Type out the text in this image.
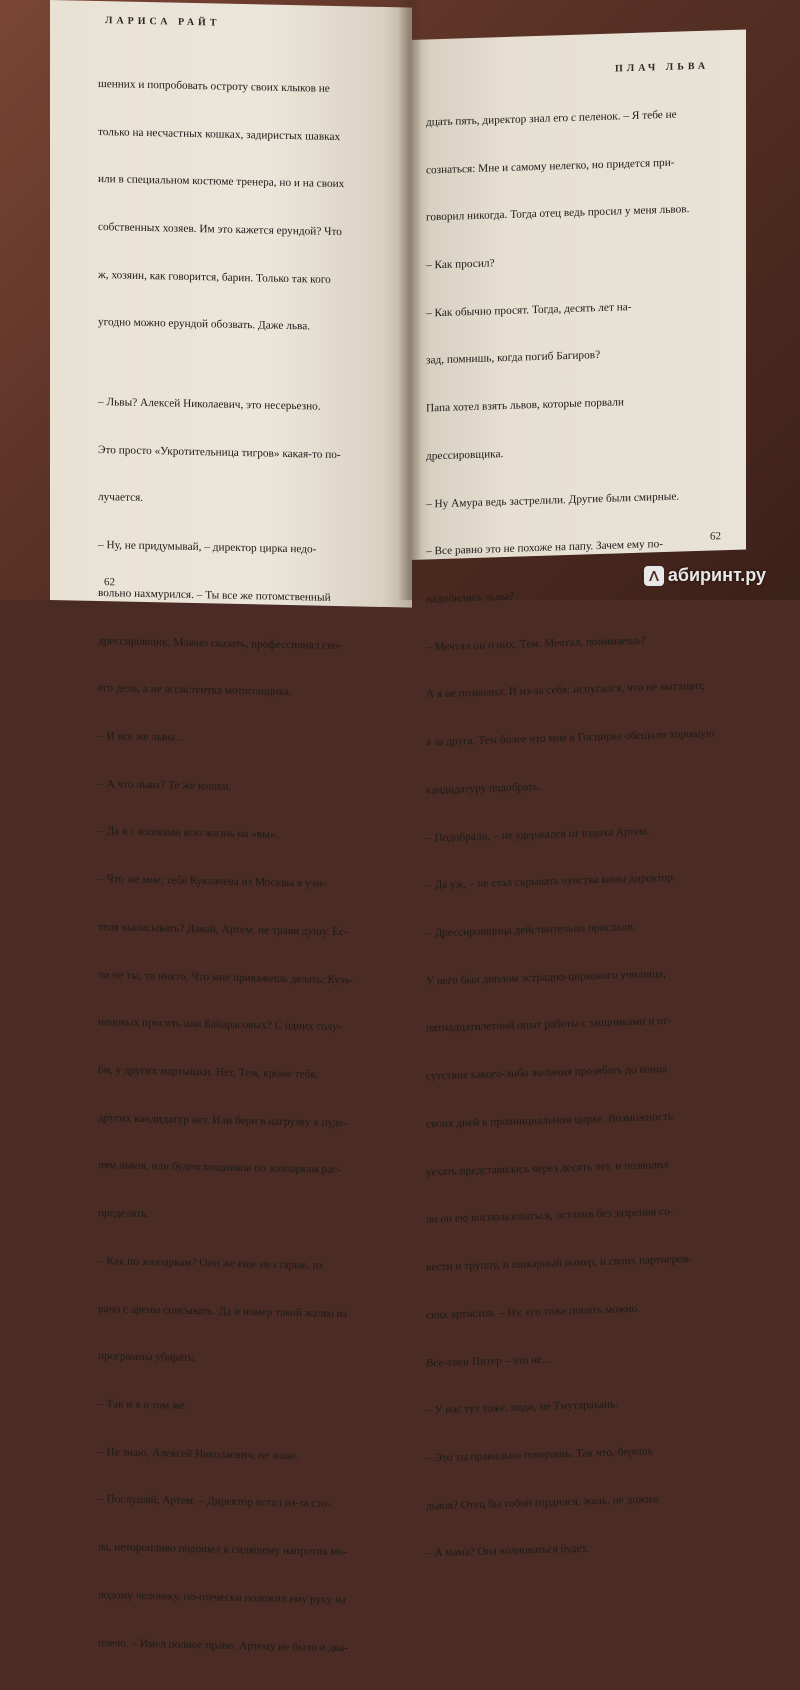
ЛАРИСА РАЙТ

шенних и попробовать остроту своих клыков не

только на несчастных кошках, задиристых шавках

или в специальном костюме тренера, но и на своих

собственных хозяев. Им это кажется ерундой? Что

ж, хозяин, как говорится, барин. Только так кого

угодно можно ерундой обозвать. Даже льва.

– Львы? Алексей Николаевич, это несерьезно.

Это просто «Укротительница тигров» какая-то по-

лучается.

– Ну, не придумывай, – директор цирка недо-

вольно нахмурился. – Ты все же потомственный

дрессировщик. Можно сказать, профессионал сво-

его дела, а не ассистентка мотогонщика.

– И все же львы...

– А что львы? Те же кошки.

– Да я с кошками всю жизнь на «вы».

– Что же мне, тебе Куклачева из Москвы в учи-

теля выписывать? Давай, Артем, не трави душу. Ес-

ли не ты, то никто. Что мне прикажешь делать: Кузь-

нецовых просить или Байарасовых? С одних голу-

би, у других мартышки. Нет, Тем, кроме тебя,

других кандидатур нет. Или бери в нагрузку к пуде-

лям львов, или будем хищников по зоопаркам рас-

пределять.

– Как по зоопаркам? Они же еще не старые, их

рано с арены списывать. Да и номер такой жалко из

программы убирать.

– Так и я о том же.

– Не знаю, Алексей Николаевич, не знаю.

– Послушай, Артем. – Директор встал из-за сто-

ла, неторопливо подошел к сидящему напротив мо-

лодому человеку, по-отечески положил ему руку на

плечо. – Имел полное право: Артему не было и два-

62
ПЛАЧ ЛЬВА

дцать пять, директор знал его с пеленок. – Я тебе не

сознаться: Мне и самому нелегко, но придется при-

говорил никогда. Тогда отец ведь просил у меня львов.

– Как просил?

– Как обычно просят. Тогда, десять лет на-

зад, помнишь, когда погиб Багиров?

Папа хотел взять львов, которые порвали

дрессировщика.

– Ну Амура ведь застрелили. Другие были смирные.

– Все равно это не похоже на папу. Зачем ему по-

надобились львы?

– Мечтал он о них, Тем. Мечтал, понимаешь?

А я не позволил. И из-за себя: испугался, что не вытащит,

а за друга. Тем более что мне в Госцирке обещали хорошую

кандидатуру подобрать.

– Подобрали, – не удержался от вздоха Артем.

– Да уж, – не стал скрывать чувства вины директор.

– Дрессировщица действительно прислали.

У него был диплом эстрадно-циркового училища,

пятнадцатилетний опыт работы с хищниками и от-

сутствие какого-либо желания прозябать до конца

своих дней в провинциальном цирке. Возможность

уехать представилась через десять лет, и позволил

ли он ею воспользоваться, оставив без зазрения со-

вести и труппу, и шикарный номер, и своих партнеров-

ских артистов. – Ну, его тоже понять можно.

Все-таки Питер – это не...

– У нас тут тоже, поди, не Тмутаракань.

– Это ты правильно говоришь. Так что, берешь

львов? Отец бы тобой гордился, жаль, не дожил.

– А мама? Она волноваться будет.

62
абиринт.ру
